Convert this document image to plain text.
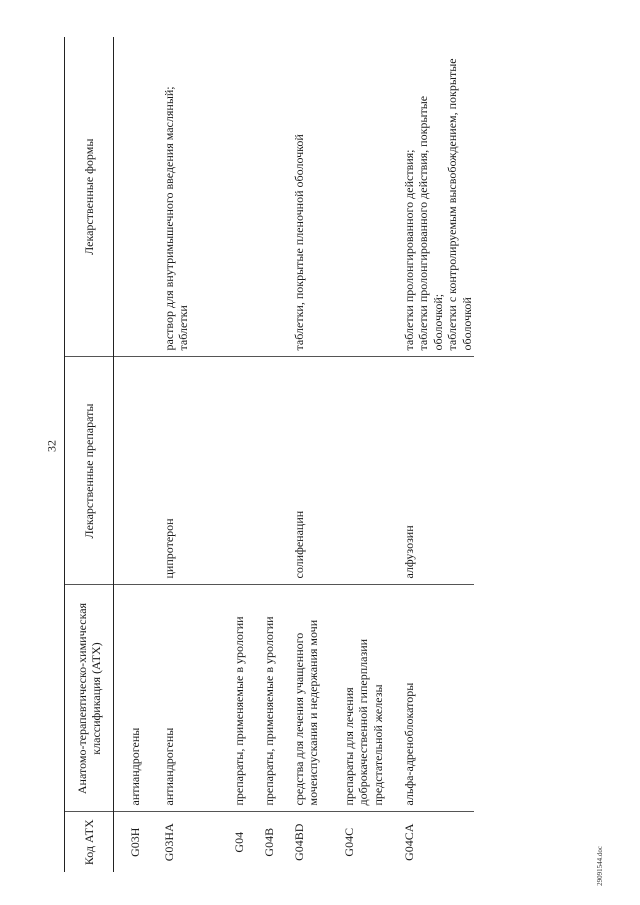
32
29091544.doc
Код АТХ	Анатомо-терапевтическо-химическая классификация (АТХ)	Лекарственные препараты	Лекарственные формы
G03H	антиандрогены		
G03HA	антиандрогены	ципротерон	раствор для внутримышечного введения масляный; таблетки

G04	препараты, применяемые в урологии		
G04B	препараты, применяемые в урологии		
G04BD	средства для лечения учащенного мочеиспускания и недержания мочи	солифенацин	таблетки, покрытые пленочной оболочкой

G04C	препараты для лечения доброкачественной гиперплазии предстательной железы		
G04CA	альфа-адреноблокаторы	алфузозин	таблетки пролонгированного действия; таблетки пролонгированного действия, покрытые оболочкой; таблетки с контролируемым высвобождением, покрытые оболочкой
